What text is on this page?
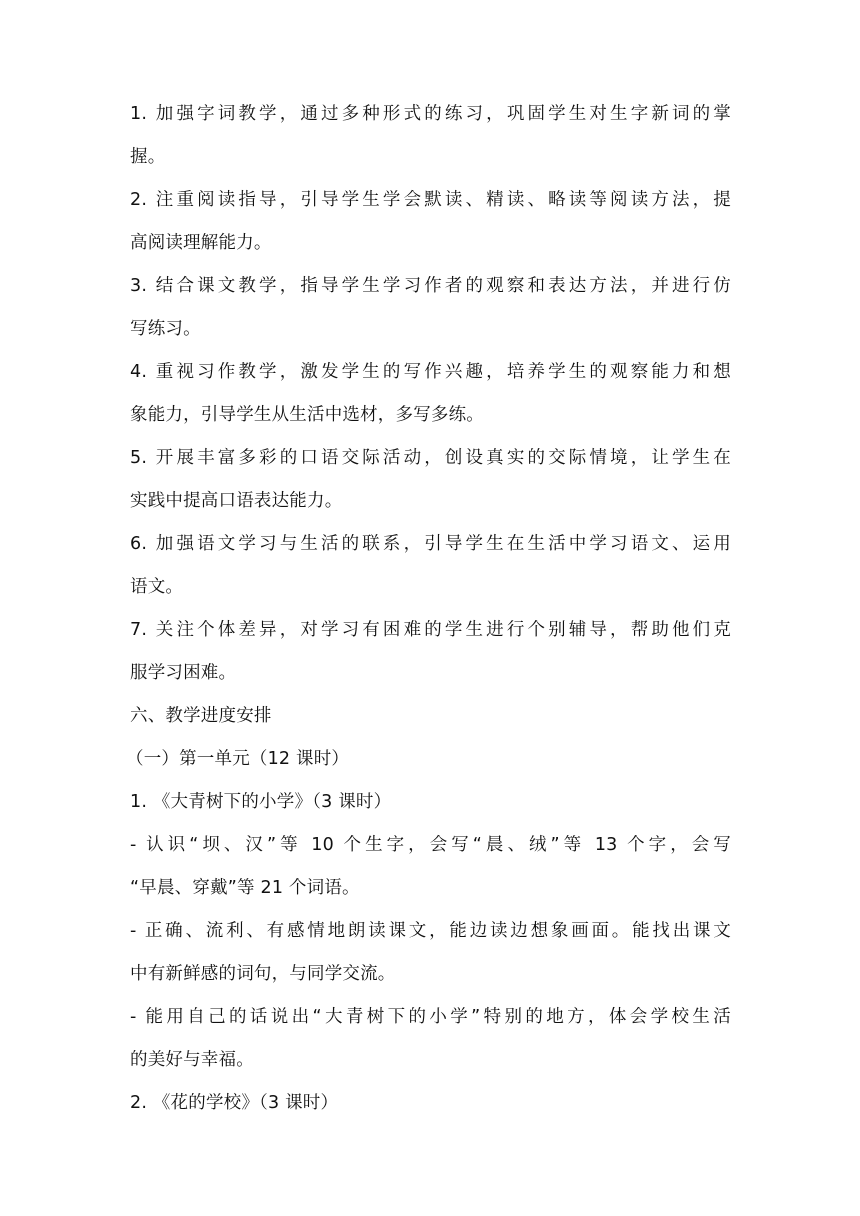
1. 加强字词教学，通过多种形式的练习，巩固学生对生字新词的掌
握。
2. 注重阅读指导，引导学生学会默读、精读、略读等阅读方法，提
高阅读理解能力。
3. 结合课文教学，指导学生学习作者的观察和表达方法，并进行仿
写练习。
4. 重视习作教学，激发学生的写作兴趣，培养学生的观察能力和想
象能力，引导学生从生活中选材，多写多练。
5. 开展丰富多彩的口语交际活动，创设真实的交际情境，让学生在
实践中提高口语表达能力。
6. 加强语文学习与生活的联系，引导学生在生活中学习语文、运用
语文。
7. 关注个体差异，对学习有困难的学生进行个别辅导，帮助他们克
服学习困难。
六、教学进度安排
（一）第一单元（12 课时）
1. 《大青树下的小学》（3 课时）
- 认识“坝、汉”等 10 个生字，会写“晨、绒”等 13 个字，会写
“早晨、穿戴”等 21 个词语。
- 正确、流利、有感情地朗读课文，能边读边想象画面。能找出课文
中有新鲜感的词句，与同学交流。
- 能用自己的话说出“大青树下的小学”特别的地方，体会学校生活
的美好与幸福。
2. 《花的学校》（3 课时）
